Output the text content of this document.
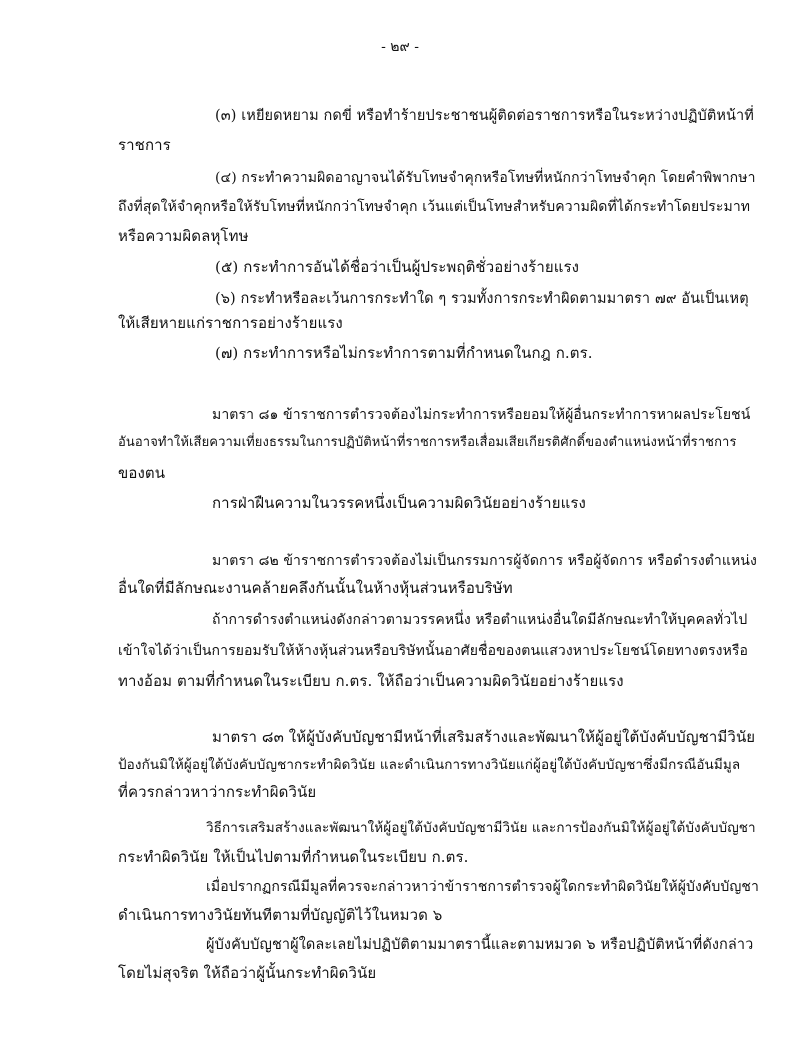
- ๒๙ -
(๓) เหยียดหยาม กดขี่ หรือทำร้ายประชาชนผู้ติดต่อราชการหรือในระหว่างปฏิบัติหน้าที่
ราชการ
(๔) กระทำความผิดอาญาจนได้รับโทษจำคุกหรือโทษที่หนักกว่าโทษจำคุก โดยคำพิพากษา
ถึงที่สุดให้จำคุกหรือให้รับโทษที่หนักกว่าโทษจำคุก เว้นแต่เป็นโทษสำหรับความผิดที่ได้กระทำโดยประมาท
หรือความผิดลหุโทษ
(๕) กระทำการอันได้ชื่อว่าเป็นผู้ประพฤติชั่วอย่างร้ายแรง
(๖) กระทำหรือละเว้นการกระทำใด ๆ รวมทั้งการกระทำผิดตามมาตรา ๗๙ อันเป็นเหตุ
ให้เสียหายแก่ราชการอย่างร้ายแรง
(๗) กระทำการหรือไม่กระทำการตามที่กำหนดในกฎ ก.ตร.
มาตรา ๘๑ ข้าราชการตำรวจต้องไม่กระทำการหรือยอมให้ผู้อื่นกระทำการหาผลประโยชน์
อันอาจทำให้เสียความเที่ยงธรรมในการปฏิบัติหน้าที่ราชการหรือเสื่อมเสียเกียรติศักดิ์ของตำแหน่งหน้าที่ราชการ
ของตน
การฝ่าฝืนความในวรรคหนึ่งเป็นความผิดวินัยอย่างร้ายแรง
มาตรา ๘๒ ข้าราชการตำรวจต้องไม่เป็นกรรมการผู้จัดการ หรือผู้จัดการ หรือดำรงตำแหน่ง
อื่นใดที่มีลักษณะงานคล้ายคลึงกันนั้นในห้างหุ้นส่วนหรือบริษัท
ถ้าการดำรงตำแหน่งดังกล่าวตามวรรคหนึ่ง หรือตำแหน่งอื่นใดมีลักษณะทำให้บุคคลทั่วไป
เข้าใจได้ว่าเป็นการยอมรับให้ห้างหุ้นส่วนหรือบริษัทนั้นอาศัยชื่อของตนแสวงหาประโยชน์โดยทางตรงหรือ
ทางอ้อม ตามที่กำหนดในระเบียบ ก.ตร. ให้ถือว่าเป็นความผิดวินัยอย่างร้ายแรง
มาตรา ๘๓ ให้ผู้บังคับบัญชามีหน้าที่เสริมสร้างและพัฒนาให้ผู้อยู่ใต้บังคับบัญชามีวินัย
ป้องกันมิให้ผู้อยู่ใต้บังคับบัญชากระทำผิดวินัย และดำเนินการทางวินัยแก่ผู้อยู่ใต้บังคับบัญชาซึ่งมีกรณีอันมีมูล
ที่ควรกล่าวหาว่ากระทำผิดวินัย
วิธีการเสริมสร้างและพัฒนาให้ผู้อยู่ใต้บังคับบัญชามีวินัย และการป้องกันมิให้ผู้อยู่ใต้บังคับบัญชา
กระทำผิดวินัย ให้เป็นไปตามที่กำหนดในระเบียบ ก.ตร.
เมื่อปรากฏกรณีมีมูลที่ควรจะกล่าวหาว่าข้าราชการตำรวจผู้ใดกระทำผิดวินัยให้ผู้บังคับบัญชา
ดำเนินการทางวินัยทันทีตามที่บัญญัติไว้ในหมวด ๖
ผู้บังคับบัญชาผู้ใดละเลยไม่ปฏิบัติตามมาตรานี้และตามหมวด ๖ หรือปฏิบัติหน้าที่ดังกล่าว
โดยไม่สุจริต ให้ถือว่าผู้นั้นกระทำผิดวินัย
